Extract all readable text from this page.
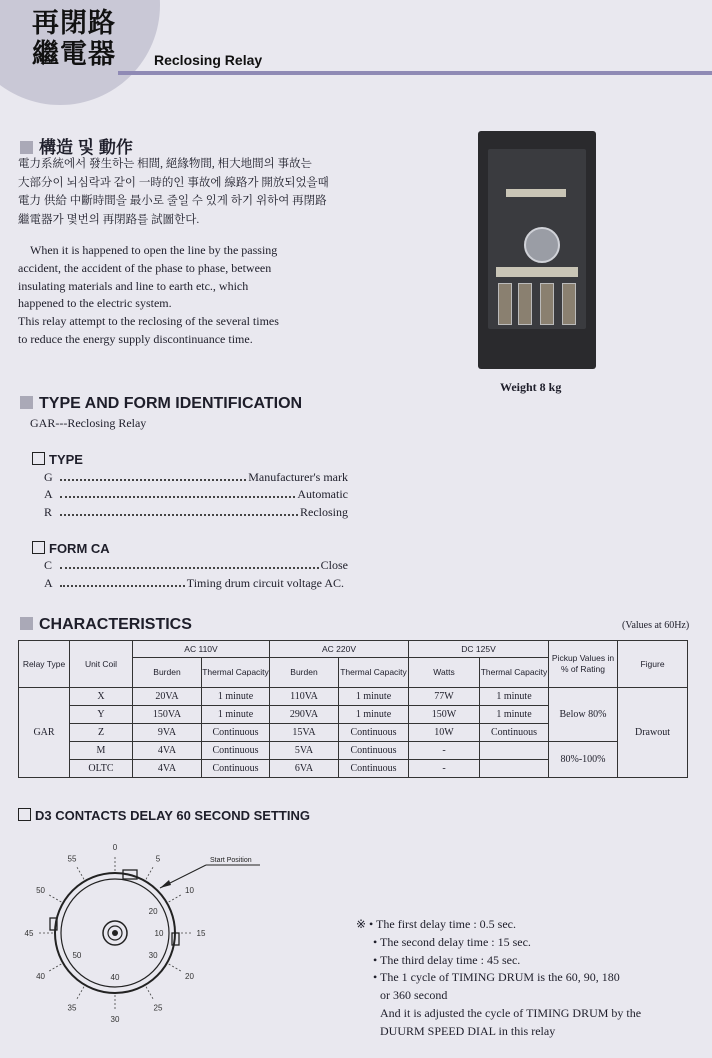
再閉路
繼電器	Reclosing Relay
構造 및 動作
電力系統에서 發生하는 相間, 絕緣物間, 相大地間의 事故는
大部分이 뇌심락과 같이 一時的인 事故에 線路가 開放되었을때
電力 供給 中斷時間을 最小로 줄일 수 있게 하기 위하여 再閉路
繼電器가 몇번의 再閉路를 試圖한다.
When it is happened to open the line by the passing
accident, the accident of the phase to phase, between
insulating materials and line to earth etc., which
happened to the electric system.
This relay attempt to the reclosing of the several times
to reduce the energy supply discontinuance time.
Weight 8 kg
TYPE AND FORM IDENTIFICATION
GAR---Reclosing Relay
TYPE
G	Manufacturer's mark
A	Automatic
R	Reclosing
FORM CA
C	Close
A	Timing drum circuit voltage AC.
CHARACTERISTICS	(Values at 60Hz)
Relay Type	Unit Coil	AC 110V		AC 220V		DC 125V		Pickup Values in % of Rating	Figure
		Burden	Thermal Capacity	Burden	Thermal Capacity	Watts	Thermal Capacity		
GAR	X	20VA	1 minute	110VA	1 minute	77W	1 minute	Below 80%	Drawout
	Y	150VA	1 minute	290VA	1 minute	150W	1 minute		
	Z	9VA	Continuous	15VA	Continuous	10W	Continuous		
	M	4VA	Continuous	5VA	Continuous	-		80%-100%	
	OLTC	4VA	Continuous	6VA	Continuous	-			
D3 CONTACTS DELAY 60 SECOND SETTING
0
5
10
15
20
25
30
35
40
45
50
55
50
40
10
20
30
Start Position
※ • The first delay time : 0.5 sec.
• The second delay time : 15 sec.
• The third delay time : 45 sec.
• The 1 cycle of TIMING DRUM is the 60, 90, 180
or 360 second
And it is adjusted the cycle of TIMING DRUM by the
DUURM SPEED DIAL in this relay
